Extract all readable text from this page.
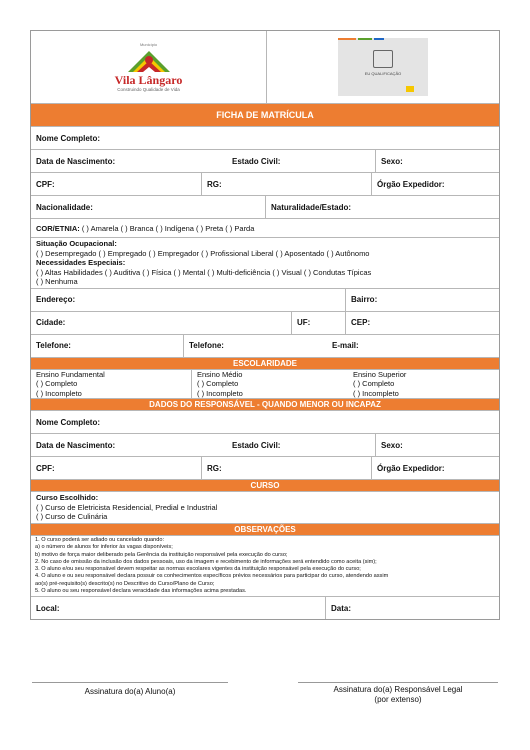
Município
Vila Lângaro
Construindo Qualidade de Vida
EU QUALIFICAÇÃO
FICHA DE MATRÍCULA
Nome Completo:
Data de Nascimento:	Estado Civil:	Sexo:
CPF:	RG:	Órgão Expedidor:
Nacionalidade:	Naturalidade/Estado:
COR/ETNIA:
( ) Amarela ( ) Branca ( ) Indígena ( ) Preta ( ) Parda
Situação Ocupacional:
( ) Desempregado ( ) Empregado ( ) Empregador ( ) Profissional Liberal ( ) Aposentado ( ) Autônomo
Necessidades Especiais:
( ) Altas Habilidades ( ) Auditiva ( ) Física ( ) Mental ( ) Multi-deficiência ( ) Visual ( ) Condutas Típicas
( ) Nenhuma
Endereço:	Bairro:
Cidade:	UF:	CEP:
Telefone:	Telefone:	E-mail:
ESCOLARIDADE
Ensino Fundamental
( ) Completo
( ) Incompleto
Ensino Médio
( ) Completo
( ) Incompleto
Ensino Superior
( ) Completo
( ) Incompleto
DADOS DO RESPONSÁVEL - QUANDO MENOR OU INCAPAZ
Nome Completo:
Data de Nascimento:	Estado Civil:	Sexo:
CPF:	RG:	Órgão Expedidor:
CURSO
Curso Escolhido:
( ) Curso de Eletricista Residencial, Predial e Industrial
( ) Curso de Culinária
OBSERVAÇÕES
1. O curso poderá ser adiado ou cancelado quando:
a) o número de alunos for inferior às vagas disponíveis;
b) motivo de força maior deliberado pela Gerência da instituição responsável pela execução do curso;
2. No caso de omissão da inclusão dos dados pessoais, uso da imagem e recebimento de informações será entendido como aceita (sim);
3. O aluno e/ou seu responsável devem respeitar as normas escolares vigentes da instituição responsável pela execução do curso;
4. O aluno e ou seu responsável declara possuir os conhecimentos específicos prévios necessários para participar do curso, atendendo assim
ao(s) pré-requisito(s) descrito(s) no Descritivo do Curso/Plano de Curso;
5. O aluno ou seu responsável declara veracidade das informações acima prestadas.
Local:	Data:
Assinatura do(a) Aluno(a)	Assinatura do(a) Responsável Legal
(por extenso)
